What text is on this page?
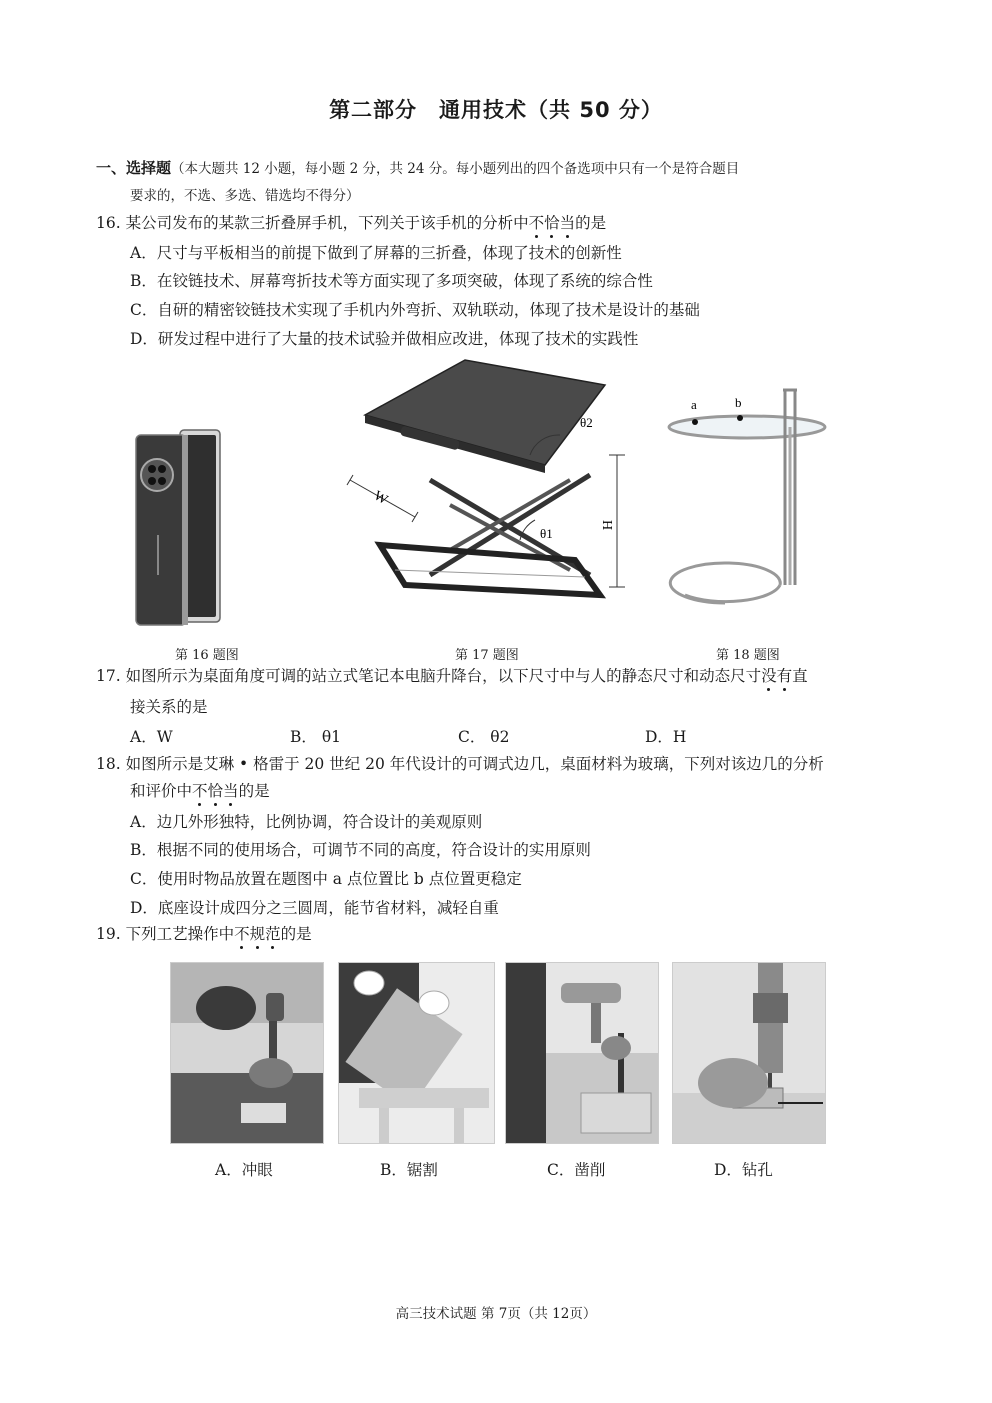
第二部分　通用技术（共 50 分）
一、选择题（本大题共 12 小题，每小题 2 分，共 24 分。每小题列出的四个备选项中只有一个是符合题目
要求的，不选、多选、错选均不得分）
16. 某公司发布的某款三折叠屏手机，下列关于该手机的分析中不恰当的是
A．尺寸与平板相当的前提下做到了屏幕的三折叠，体现了技术的创新性
B．在铰链技术、屏幕弯折技术等方面实现了多项突破，体现了系统的综合性
C．自研的精密铰链技术实现了手机内外弯折、双轨联动，体现了技术是设计的基础
D．研发过程中进行了大量的技术试验并做相应改进，体现了技术的实践性
第 16 题图
W
H
θ1
θ2
第 17 题图
a	b
第 18 题图
17. 如图所示为桌面角度可调的站立式笔记本电脑升降台，以下尺寸中与人的静态尺寸和动态尺寸没有直
接关系的是
A．W	B． θ1	C． θ2	D．H
18. 如图所示是艾琳 • 格雷于 20 世纪 20 年代设计的可调式边几，桌面材料为玻璃，下列对该边几的分析
和评价中不恰当的是
A．边几外形独特，比例协调，符合设计的美观原则
B．根据不同的使用场合，可调节不同的高度，符合设计的实用原则
C．使用时物品放置在题图中 a 点位置比 b 点位置更稳定
D．底座设计成四分之三圆周，能节省材料，减轻自重
19. 下列工艺操作中不规范的是
A．冲眼	B．锯割	C．凿削	D．钻孔
高三技术试题 第 7页（共 12页）
